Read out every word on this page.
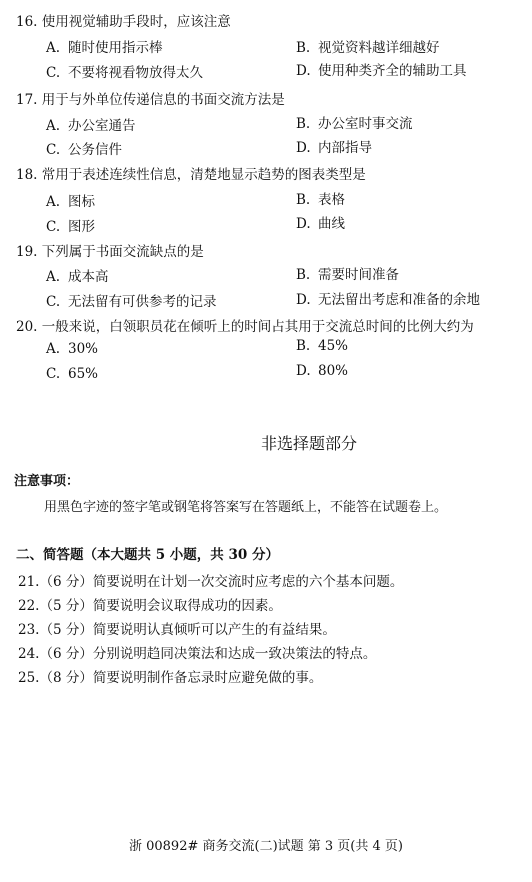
16. 使用视觉辅助手段时，应该注意
A. 随时使用指示棒	B. 视觉资料越详细越好
C. 不要将视看物放得太久	D. 使用种类齐全的辅助工具
17. 用于与外单位传递信息的书面交流方法是
A. 办公室通告	B. 办公室时事交流
C. 公务信件	D. 内部指导
18. 常用于表述连续性信息，清楚地显示趋势的图表类型是
A. 图标	B. 表格
C. 图形	D. 曲线
19. 下列属于书面交流缺点的是
A. 成本高	B. 需要时间准备
C. 无法留有可供参考的记录	D. 无法留出考虑和准备的余地
20. 一般来说，白领职员花在倾听上的时间占其用于交流总时间的比例大约为
A. 30%	B. 45%
C. 65%	D. 80%
非选择题部分
注意事项：
用黑色字迹的签字笔或钢笔将答案写在答题纸上，不能答在试题卷上。
二、简答题（本大题共 5 小题，共 30 分）
21.（6 分）简要说明在计划一次交流时应考虑的六个基本问题。
22.（5 分）简要说明会议取得成功的因素。
23.（5 分）简要说明认真倾听可以产生的有益结果。
24.（6 分）分别说明趋同决策法和达成一致决策法的特点。
25.（8 分）简要说明制作备忘录时应避免做的事。
浙 00892# 商务交流(二)试题 第 3 页(共 4 页)
